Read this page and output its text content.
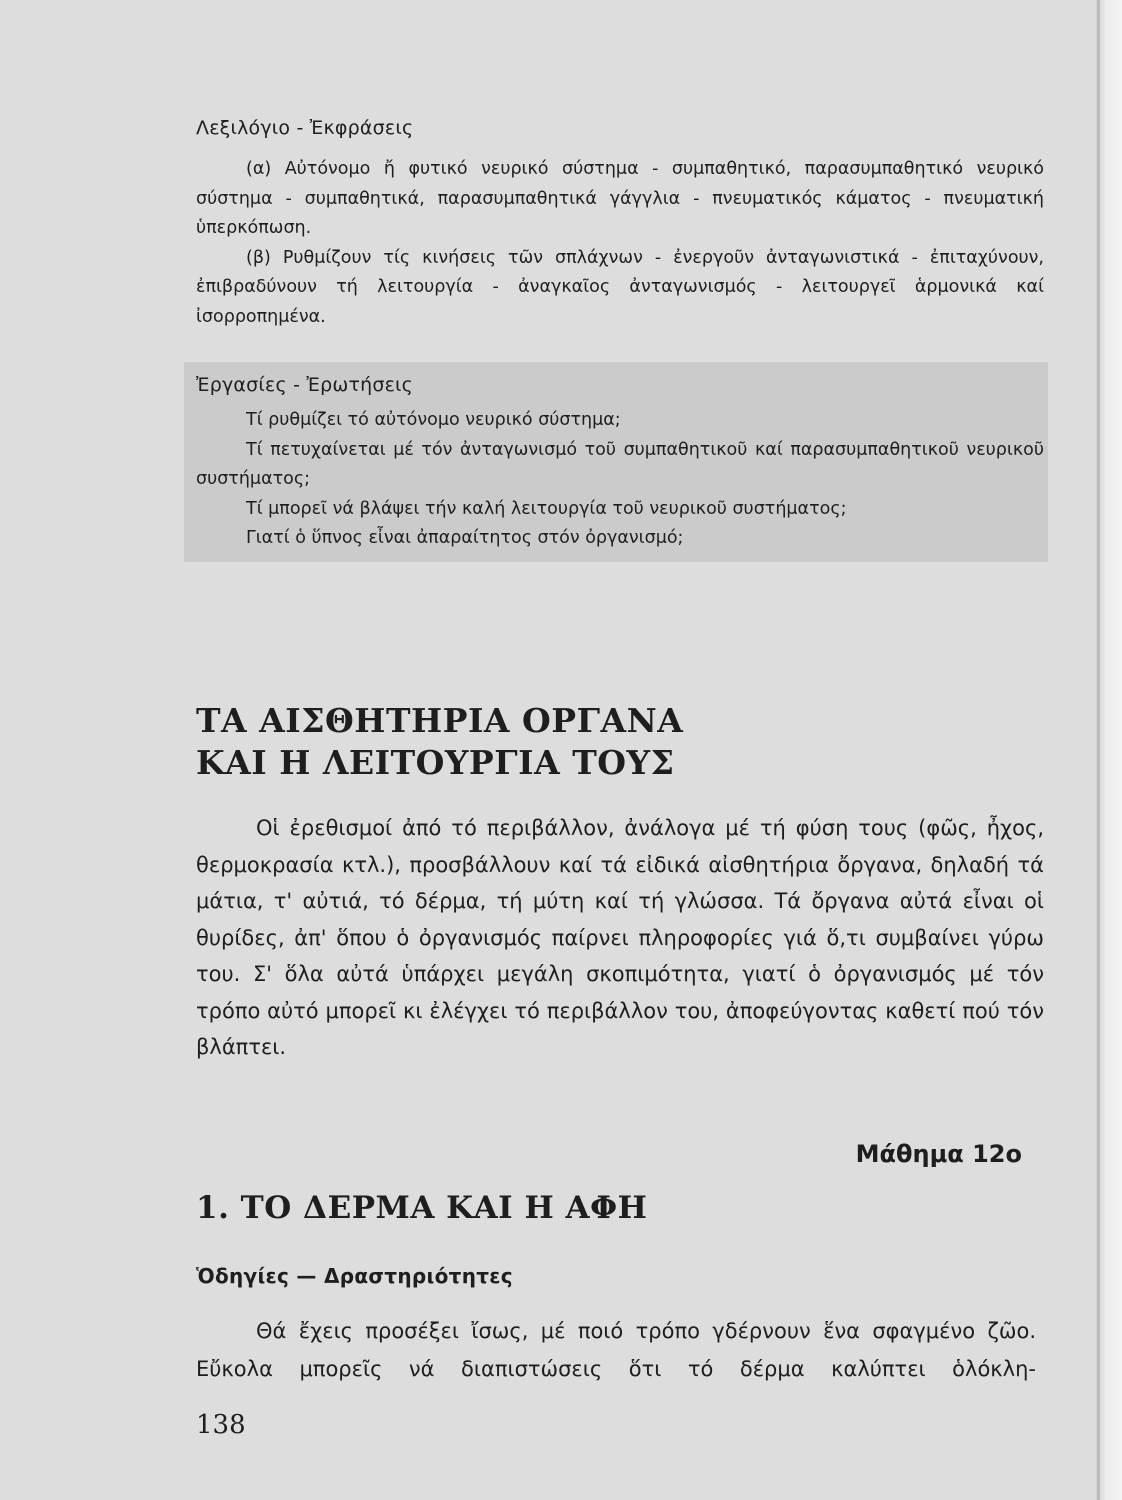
Λεξιλόγιο - Ἐκφράσεις

(α) Αὐτόνομο ἤ φυτικό νευρικό σύστημα - συμπαθητικό, παρασυμπαθητικό νευρικό σύστημα - συμπαθητικά, παρασυμπαθητικά γάγγλια - πνευματικός κάματος - πνευματική ὑπερκόπωση.

(β) Ρυθμίζουν τίς κινήσεις τῶν σπλάχνων - ἐνεργοῦν ἀνταγωνιστικά - ἐπιταχύνουν, ἐπιβραδύνουν τή λειτουργία - ἀναγκαῖος ἀνταγωνισμός - λειτουργεῖ ἁρμονικά καί ἰσορροπημένα.

Ἐργασίες - Ἐρωτήσεις

Τί ρυθμίζει τό αὐτόνομο νευρικό σύστημα;

Τί πετυχαίνεται μέ τόν ἀνταγωνισμό τοῦ συμπαθητικοῦ καί παρασυμπαθητικοῦ νευρικοῦ συστήματος;

Τί μπορεῖ νά βλάψει τήν καλή λειτουργία τοῦ νευρικοῦ συστήματος;

Γιατί ὁ ὕπνος εἶναι ἀπαραίτητος στόν ὀργανισμό;

ΤΑ ΑΙΣΘΗΤΗΡΙΑ ΟΡΓΑΝΑ
ΚΑΙ Η ΛΕΙΤΟΥΡΓΙΑ ΤΟΥΣ

Οἱ ἐρεθισμοί ἀπό τό περιβάλλον, ἀνάλογα μέ τή φύση τους (φῶς, ἦχος, θερμοκρασία κτλ.), προσβάλλουν καί τά εἰδικά αἰσθητήρια ὄργανα, δηλαδή τά μάτια, τ' αὐτιά, τό δέρμα, τή μύτη καί τή γλώσσα. Τά ὄργανα αὐτά εἶναι οἱ θυρίδες, ἀπ' ὅπου ὁ ὀργανισμός παίρνει πληροφορίες γιά ὅ,τι συμβαίνει γύρω του. Σ' ὅλα αὐτά ὑπάρχει μεγάλη σκοπιμότητα, γιατί ὁ ὀργανισμός μέ τόν τρόπο αὐτό μπορεῖ κι ἐλέγχει τό περιβάλλον του, ἀποφεύγοντας καθετί πού τόν βλάπτει.

Μάθημα 12ο

1. ΤΟ ΔΕΡΜΑ ΚΑΙ Η ΑΦΗ
Ὁδηγίες — Δραστηριότητες

Θά ἔχεις προσέξει ἴσως, μέ ποιό τρόπο γδέρνουν ἕνα σφαγμένο ζῶο. Εὔκολα μπορεῖς νά διαπιστώσεις ὅτι τό δέρμα καλύπτει ὁλόκλη-

138
